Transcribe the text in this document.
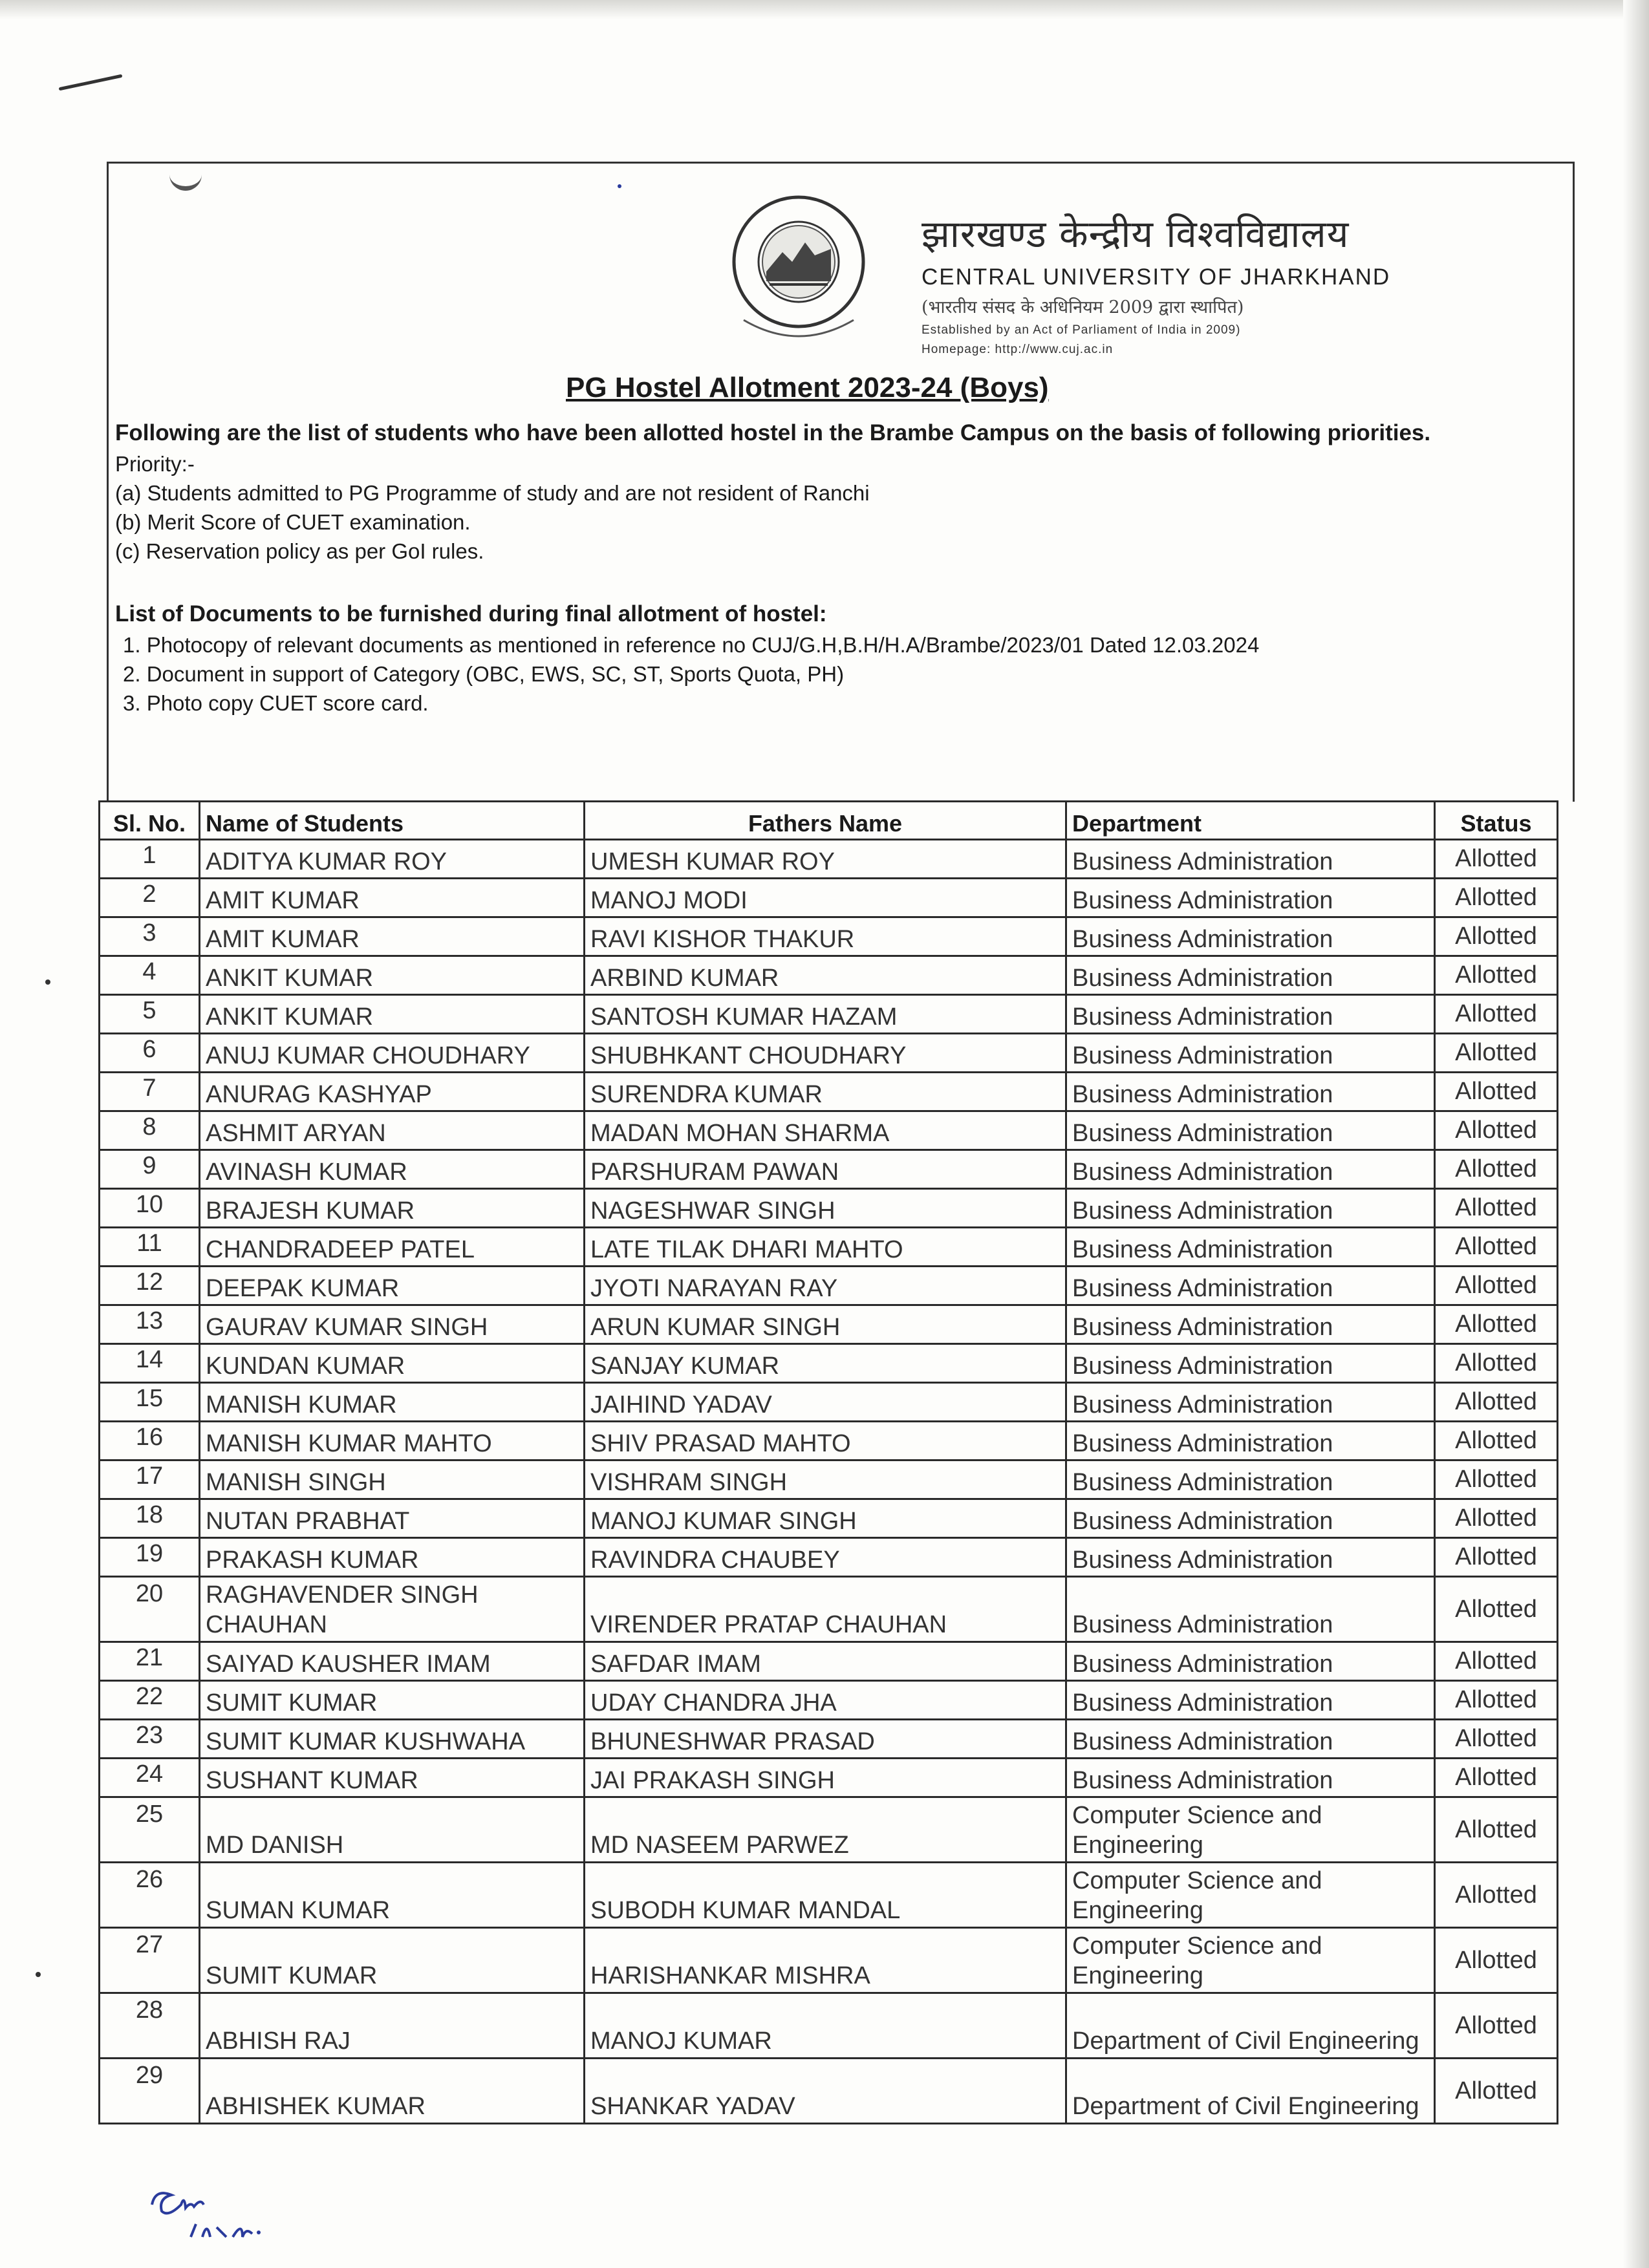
झारखण्ड केन्द्रीय विश्वविद्यालय
CENTRAL UNIVERSITY OF JHARKHAND
(भारतीय संसद के अधिनियम 2009 द्वारा स्थापित)
Established by an Act of Parliament of India in 2009)
Homepage: http://www.cuj.ac.in
PG Hostel Allotment 2023-24 (Boys)
Following are the list of students who have been allotted hostel in the Brambe Campus on the basis of following priorities.
Priority:-
(a) Students admitted to PG Programme of study and are not resident of Ranchi
(b) Merit Score of CUET examination.
(c) Reservation policy as per GoI rules.
List of Documents to be furnished during final allotment of hostel:
1. Photocopy of relevant documents as mentioned in reference no CUJ/G.H,B.H/H.A/Brambe/2023/01 Dated 12.03.2024
2. Document in support of Category (OBC, EWS, SC, ST, Sports Quota, PH)
3. Photo copy CUET score card.
Sl. No.	Name of Students	Fathers Name	Department	Status
1	ADITYA KUMAR ROY	UMESH KUMAR ROY	Business Administration	Allotted
2	AMIT KUMAR	MANOJ MODI	Business Administration	Allotted
3	AMIT KUMAR	RAVI KISHOR THAKUR	Business Administration	Allotted
4	ANKIT KUMAR	ARBIND KUMAR	Business Administration	Allotted
5	ANKIT KUMAR	SANTOSH KUMAR HAZAM	Business Administration	Allotted
6	ANUJ KUMAR CHOUDHARY	SHUBHKANT CHOUDHARY	Business Administration	Allotted
7	ANURAG KASHYAP	SURENDRA KUMAR	Business Administration	Allotted
8	ASHMIT ARYAN	MADAN MOHAN SHARMA	Business Administration	Allotted
9	AVINASH KUMAR	PARSHURAM PAWAN	Business Administration	Allotted
10	BRAJESH KUMAR	NAGESHWAR SINGH	Business Administration	Allotted
11	CHANDRADEEP PATEL	LATE TILAK DHARI MAHTO	Business Administration	Allotted
12	DEEPAK KUMAR	JYOTI NARAYAN RAY	Business Administration	Allotted
13	GAURAV KUMAR SINGH	ARUN KUMAR SINGH	Business Administration	Allotted
14	KUNDAN KUMAR	SANJAY KUMAR	Business Administration	Allotted
15	MANISH KUMAR	JAIHIND YADAV	Business Administration	Allotted
16	MANISH KUMAR MAHTO	SHIV PRASAD MAHTO	Business Administration	Allotted
17	MANISH SINGH	VISHRAM SINGH	Business Administration	Allotted
18	NUTAN PRABHAT	MANOJ KUMAR SINGH	Business Administration	Allotted
19	PRAKASH KUMAR	RAVINDRA CHAUBEY	Business Administration	Allotted
20	RAGHAVENDER SINGH CHAUHAN	VIRENDER PRATAP CHAUHAN	Business Administration	Allotted
21	SAIYAD KAUSHER IMAM	SAFDAR IMAM	Business Administration	Allotted
22	SUMIT KUMAR	UDAY CHANDRA JHA	Business Administration	Allotted
23	SUMIT KUMAR KUSHWAHA	BHUNESHWAR PRASAD	Business Administration	Allotted
24	SUSHANT KUMAR	JAI PRAKASH SINGH	Business Administration	Allotted
25	MD DANISH	MD NASEEM PARWEZ	Computer Science and Engineering	Allotted
26	SUMAN KUMAR	SUBODH KUMAR MANDAL	Computer Science and Engineering	Allotted
27	SUMIT KUMAR	HARISHANKAR MISHRA	Computer Science and Engineering	Allotted
28	ABHISH RAJ	MANOJ KUMAR	Department of Civil Engineering	Allotted
29	ABHISHEK KUMAR	SHANKAR YADAV	Department of Civil Engineering	Allotted
